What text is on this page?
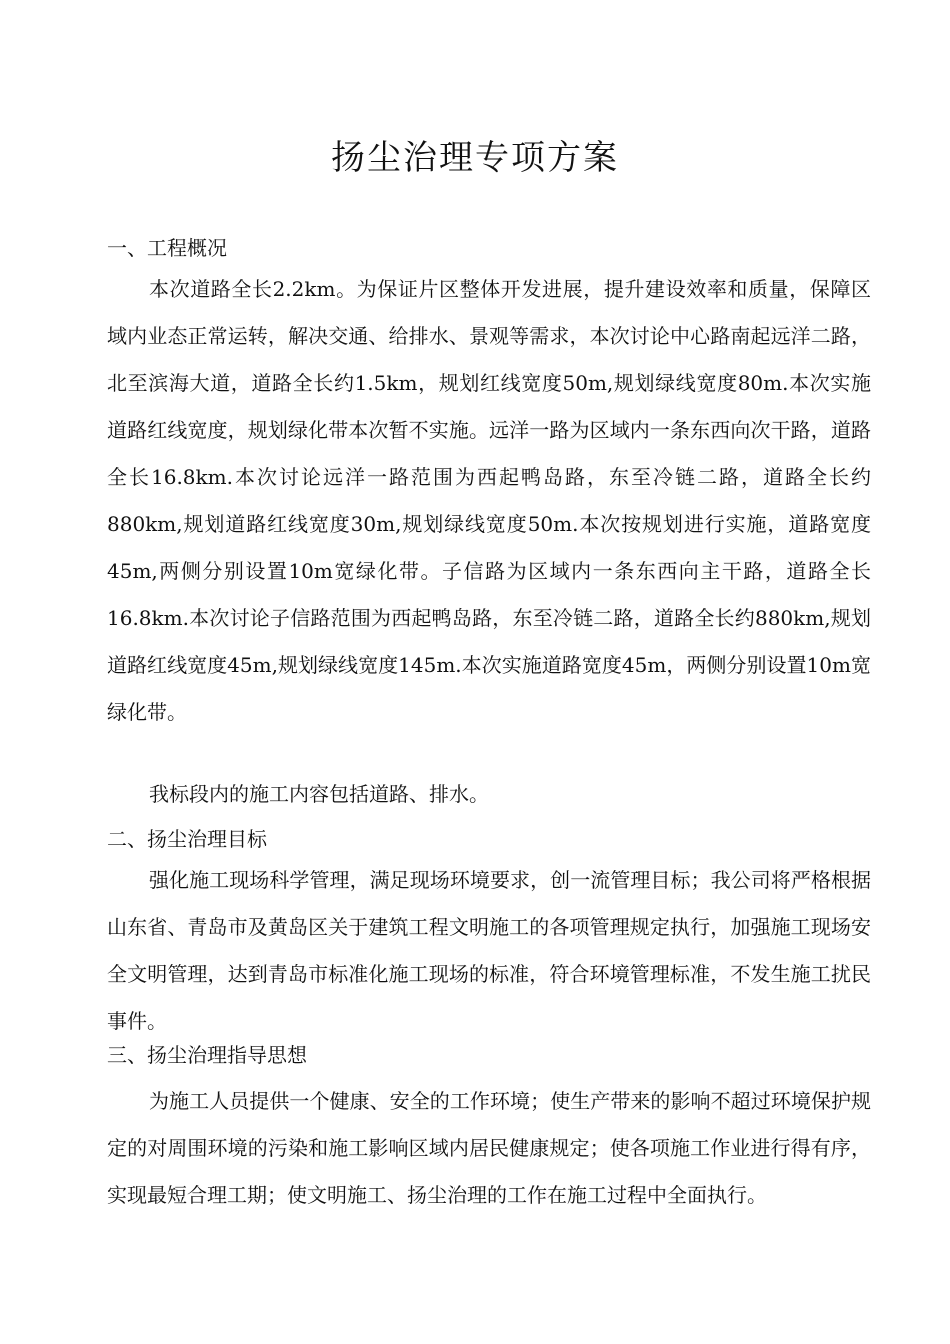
扬尘治理专项方案
一、工程概况

本次道路全长2.2km。为保证片区整体开发进展，提升建设效率和质量，保障区域内业态正常运转，解决交通、给排水、景观等需求，本次讨论中心路南起远洋二路，北至滨海大道，道路全长约1.5km，规划红线宽度50m,规划绿线宽度80m.本次实施道路红线宽度，规划绿化带本次暂不实施。远洋一路为区域内一条东西向次干路，道路全长16.8km.本次讨论远洋一路范围为西起鸭岛路，东至冷链二路，道路全长约880km,规划道路红线宽度30m,规划绿线宽度50m.本次按规划进行实施，道路宽度45m,两侧分别设置10m宽绿化带。子信路为区域内一条东西向主干路，道路全长16.8km.本次讨论子信路范围为西起鸭岛路，东至冷链二路，道路全长约880km,规划道路红线宽度45m,规划绿线宽度145m.本次实施道路宽度45m，两侧分别设置10m宽绿化带。

我标段内的施工内容包括道路、排水。

二、扬尘治理目标

强化施工现场科学管理，满足现场环境要求，创一流管理目标；我公司将严格根据山东省、青岛市及黄岛区关于建筑工程文明施工的各项管理规定执行，加强施工现场安全文明管理，达到青岛市标准化施工现场的标准，符合环境管理标准，不发生施工扰民事件。

三、扬尘治理指导思想

为施工人员提供一个健康、安全的工作环境；使生产带来的影响不超过环境保护规定的对周围环境的污染和施工影响区域内居民健康规定；使各项施工作业进行得有序，实现最短合理工期；使文明施工、扬尘治理的工作在施工过程中全面执行。
